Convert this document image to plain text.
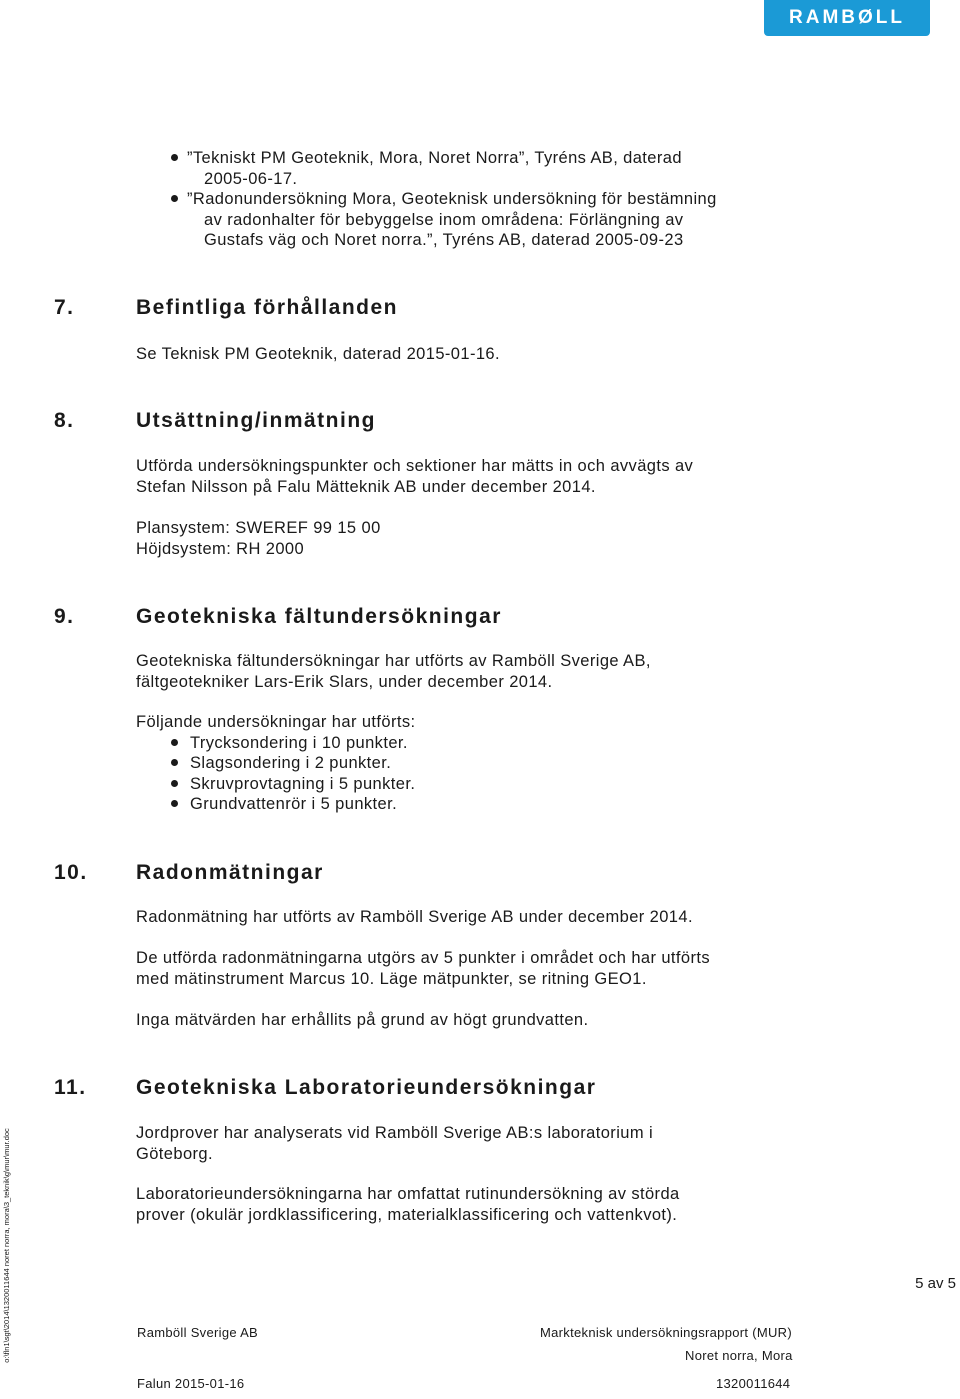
RAMBØLL
”Tekniskt PM Geoteknik, Mora, Noret Norra”, Tyréns AB, daterad
2005-06-17.
”Radonundersökning Mora, Geoteknisk undersökning för bestämning
av radonhalter för bebyggelse inom områdena: Förlängning av
Gustafs väg och Noret norra.”, Tyréns AB, daterad 2005-09-23
7.	Befintliga förhållanden
Se Teknisk PM Geoteknik, daterad 2015-01-16.
8.	Utsättning/inmätning
Utförda undersökningspunkter och sektioner har mätts in och avvägts av
Stefan Nilsson på Falu Mätteknik AB under december 2014.
Plansystem: SWEREF 99 15 00
Höjdsystem: RH 2000
9.	Geotekniska fältundersökningar
Geotekniska fältundersökningar har utförts av Ramböll Sverige AB,
fältgeotekniker Lars-Erik Slars, under december 2014.
Följande undersökningar har utförts:
Trycksondering i 10 punkter.
Slagsondering i 2 punkter.
Skruvprovtagning i 5 punkter.
Grundvattenrör i 5 punkter.
10. Radonmätningar
Radonmätning har utförts av Ramböll Sverige AB under december 2014.
De utförda radonmätningarna utgörs av 5 punkter i området och har utförts
med mätinstrument Marcus 10. Läge mätpunkter, se ritning GEO1.
Inga mätvärden har erhållits på grund av högt grundvatten.
11. Geotekniska Laboratorieundersökningar
Jordprover har analyserats vid Ramböll Sverige AB:s laboratorium i
Göteborg.
Laboratorieundersökningarna har omfattat rutinundersökning av störda
prover (okulär jordklassificering, materialklassificering och vattenkvot).
5 av 5
Ramböll Sverige AB	Markteknisk undersökningsrapport (MUR)
Noret norra, Mora
Falun 2015-01-16	1320011644
o:\fln1\sgt\2014\1320011644 noret norra, mora\3_teknik\g\mur\mur.doc
